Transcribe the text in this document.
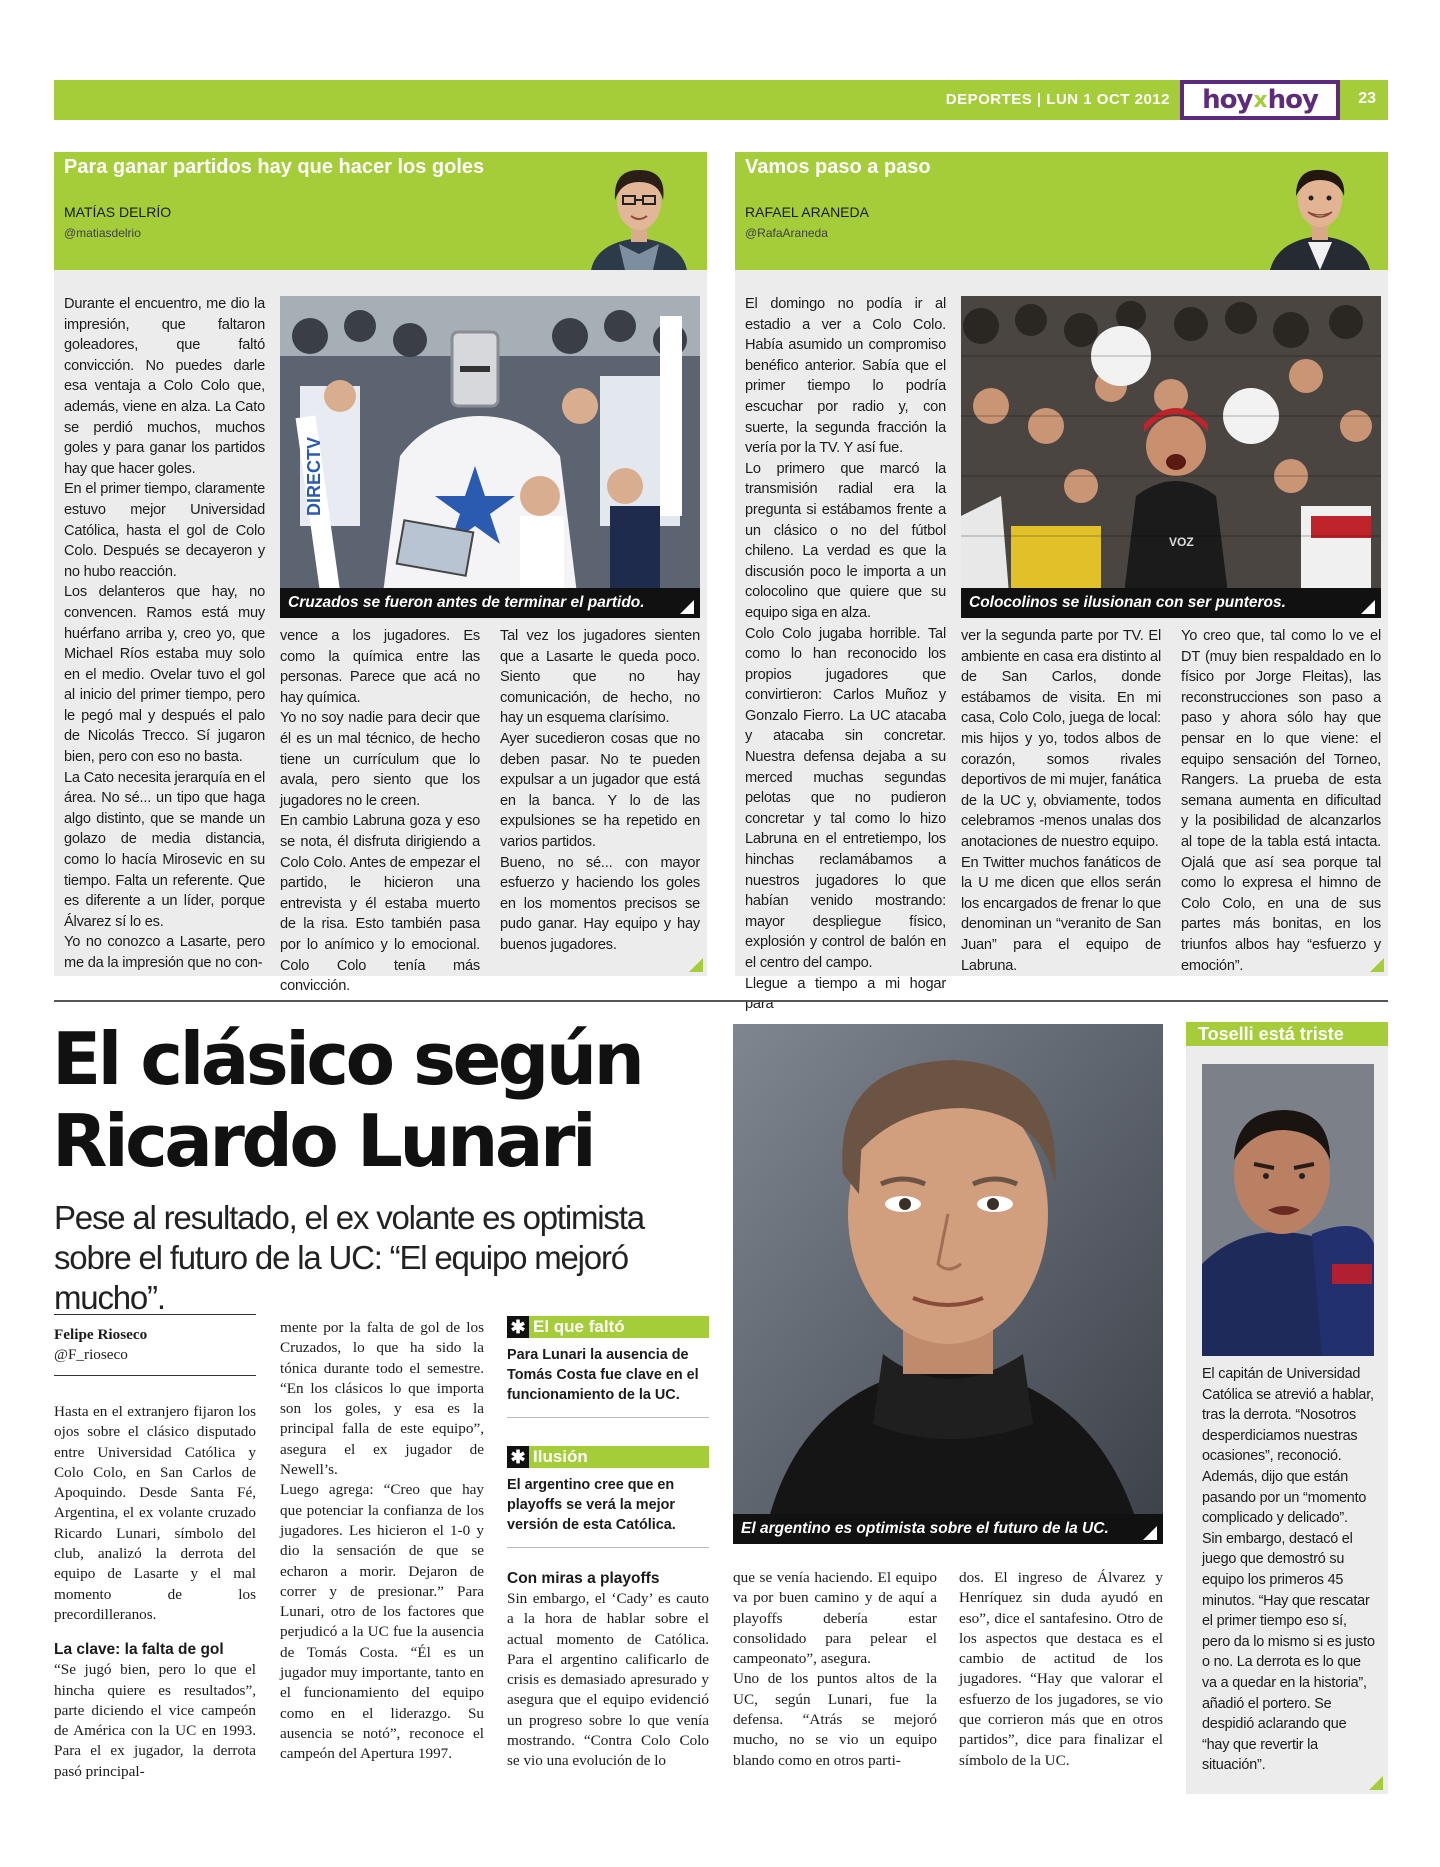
DEPORTES | LUN 1 OCT 2012 hoy x hoy	23
Para ganar partidos hay que hacer los goles
MATÍAS DELRÍO
@matiasdelrio

Durante el encuentro, me dio la impresión, que faltaron goleadores, que faltó convicción. No puedes darle esa ventaja a Colo Colo que, además, viene en alza. La Cato se perdió muchos, muchos goles y para ganar los partidos hay que hacer goles.

En el primer tiempo, claramente estuvo mejor Universidad Católica, hasta el gol de Colo Colo. Después se decayeron y no hubo reacción.

Los delanteros que hay, no convencen. Ramos está muy huérfano arriba y, creo yo, que Michael Ríos estaba muy solo en el medio. Ovelar tuvo el gol al inicio del primer tiempo, pero le pegó mal y después el palo de Nicolás Trecco. Sí jugaron bien, pero con eso no basta.

La Cato necesita jerarquía en el área. No sé... un tipo que haga algo distinto, que se mande un golazo de media distancia, como lo hacía Mirosevic en su tiempo. Falta un referente. Que es diferente a un líder, porque Álvarez sí lo es.

Yo no conozco a Lasarte, pero me da la impresión que no con-

DIRECTV
Cruzados se fueron antes de terminar el partido.

vence a los jugadores. Es como la química entre las personas. Parece que acá no hay química.

Yo no soy nadie para decir que él es un mal técnico, de hecho tiene un currículum que lo avala, pero siento que los jugadores no le creen.

En cambio Labruna goza y eso se nota, él disfruta dirigiendo a Colo Colo. Antes de empezar el partido, le hicieron una entrevista y él estaba muerto de la risa. Esto también pasa por lo anímico y lo emocional. Colo Colo tenía más convicción.

Tal vez los jugadores sienten que a Lasarte le queda poco. Siento que no hay comunicación, de hecho, no hay un esquema clarísimo.

Ayer sucedieron cosas que no deben pasar. No te pueden expulsar a un jugador que está en la banca. Y lo de las expulsiones se ha repetido en varios partidos.

Bueno, no sé... con mayor esfuerzo y haciendo los goles en los momentos precisos se pudo ganar. Hay equipo y hay buenos jugadores.

Vamos paso a paso
RAFAEL ARANEDA
@RafaAraneda

El domingo no podía ir al estadio a ver a Colo Colo. Había asumido un compromiso benéfico anterior. Sabía que el primer tiempo lo podría escuchar por radio y, con suerte, la segunda fracción la vería por la TV. Y así fue.

Lo primero que marcó la transmisión radial era la pregunta si estábamos frente a un clásico o no del fútbol chileno. La verdad es que la discusión poco le importa a un colocolino que quiere que su equipo siga en alza.

Colo Colo jugaba horrible. Tal como lo han reconocido los propios jugadores que convirtieron: Carlos Muñoz y Gonzalo Fierro. La UC atacaba y atacaba sin concretar. Nuestra defensa dejaba a su merced muchas segundas pelotas que no pudieron concretar y tal como lo hizo Labruna en el entretiempo, los hinchas reclamábamos a nuestros jugadores lo que habían venido mostrando: mayor despliegue físico, explosión y control de balón en el centro del campo.

Llegue a tiempo a mi hogar para

VOZ
Colocolinos se ilusionan con ser punteros.

ver la segunda parte por TV. El ambiente en casa era distinto al de San Carlos, donde estábamos de visita. En mi casa, Colo Colo, juega de local: mis hijos y yo, todos albos de corazón, somos rivales deportivos de mi mujer, fanática de la UC y, obviamente, todos celebramos -menos unalas dos anotaciones de nuestro equipo.

En Twitter muchos fanáticos de la U me dicen que ellos serán los encargados de frenar lo que denominan un “veranito de San Juan” para el equipo de Labruna.

Yo creo que, tal como lo ve el DT (muy bien respaldado en lo físico por Jorge Fleitas), las reconstrucciones son paso a paso y ahora sólo hay que pensar en lo que viene: el equipo sensación del Torneo, Rangers. La prueba de esta semana aumenta en dificultad y la posibilidad de alcanzarlos al tope de la tabla está intacta. Ojalá que así sea porque tal como lo expresa el himno de Colo Colo, en una de sus partes más bonitas, en los triunfos albos hay “esfuerzo y emoción”.

El clásico según Ricardo Lunari

Pese al resultado, el ex volante es optimista sobre el futuro de la UC: “El equipo mejoró mucho”.

Felipe Rioseco
@F_rioseco

Hasta en el extranjero fijaron los ojos sobre el clásico disputado entre Universidad Católica y Colo Colo, en San Carlos de Apoquindo. Desde Santa Fé, Argentina, el ex volante cruzado Ricardo Lunari, símbolo del club, analizó la derrota del equipo de Lasarte y el mal momento de los precordilleranos.

La clave: la falta de gol

“Se jugó bien, pero lo que el hincha quiere es resultados”, parte diciendo el vice campeón de América con la UC en 1993. Para el ex jugador, la derrota pasó principal-

mente por la falta de gol de los Cruzados, lo que ha sido la tónica durante todo el semestre. “En los clásicos lo que importa son los goles, y esa es la principal falla de este equipo”, asegura el ex jugador de Newell’s.

Luego agrega: “Creo que hay que potenciar la confianza de los jugadores. Les hicieron el 1-0 y dio la sensación de que se echaron a morir. Dejaron de correr y de presionar.” Para Lunari, otro de los factores que perjudicó a la UC fue la ausencia de Tomás Costa. “Él es un jugador muy importante, tanto en el funcionamiento del equipo como en el liderazgo. Su ausencia se notó”, reconoce el campeón del Apertura 1997.

✱ El que faltó
Para Lunari la ausencia de Tomás Costa fue clave en el funcionamiento de la UC.
✱ Ilusión
El argentino cree que en playoffs se verá la mejor versión de esta Católica.

Con miras a playoffs

Sin embargo, el ‘Cady’ es cauto a la hora de hablar sobre el actual momento de Católica. Para el argentino calificarlo de crisis es demasiado apresurado y asegura que el equipo evidenció un progreso sobre lo que venía mostrando. “Contra Colo Colo se vio una evolución de lo

El argentino es optimista sobre el futuro de la UC.

que se venía haciendo. El equipo va por buen camino y de aquí a playoffs debería estar consolidado para pelear el campeonato”, asegura.

Uno de los puntos altos de la UC, según Lunari, fue la defensa. “Atrás se mejoró mucho, no se vio un equipo blando como en otros parti-

dos. El ingreso de Álvarez y Henríquez sin duda ayudó en eso”, dice el santafesino. Otro de los aspectos que destaca es el cambio de actitud de los jugadores. “Hay que valorar el esfuerzo de los jugadores, se vio que corrieron más que en otros partidos”, dice para finalizar el símbolo de la UC.

Toselli está triste

El capitán de Universidad Católica se atrevió a hablar, tras la derrota. “Nosotros desperdiciamos nuestras ocasiones”, reconoció. Además, dijo que están pasando por un “momento complicado y delicado”.

Sin embargo, destacó el juego que demostró su equipo los primeros 45 minutos. “Hay que rescatar el primer tiempo eso sí, pero da lo mismo si es justo o no. La derrota es lo que va a quedar en la historia”, añadió el portero. Se despidió aclarando que “hay que revertir la situación”.
